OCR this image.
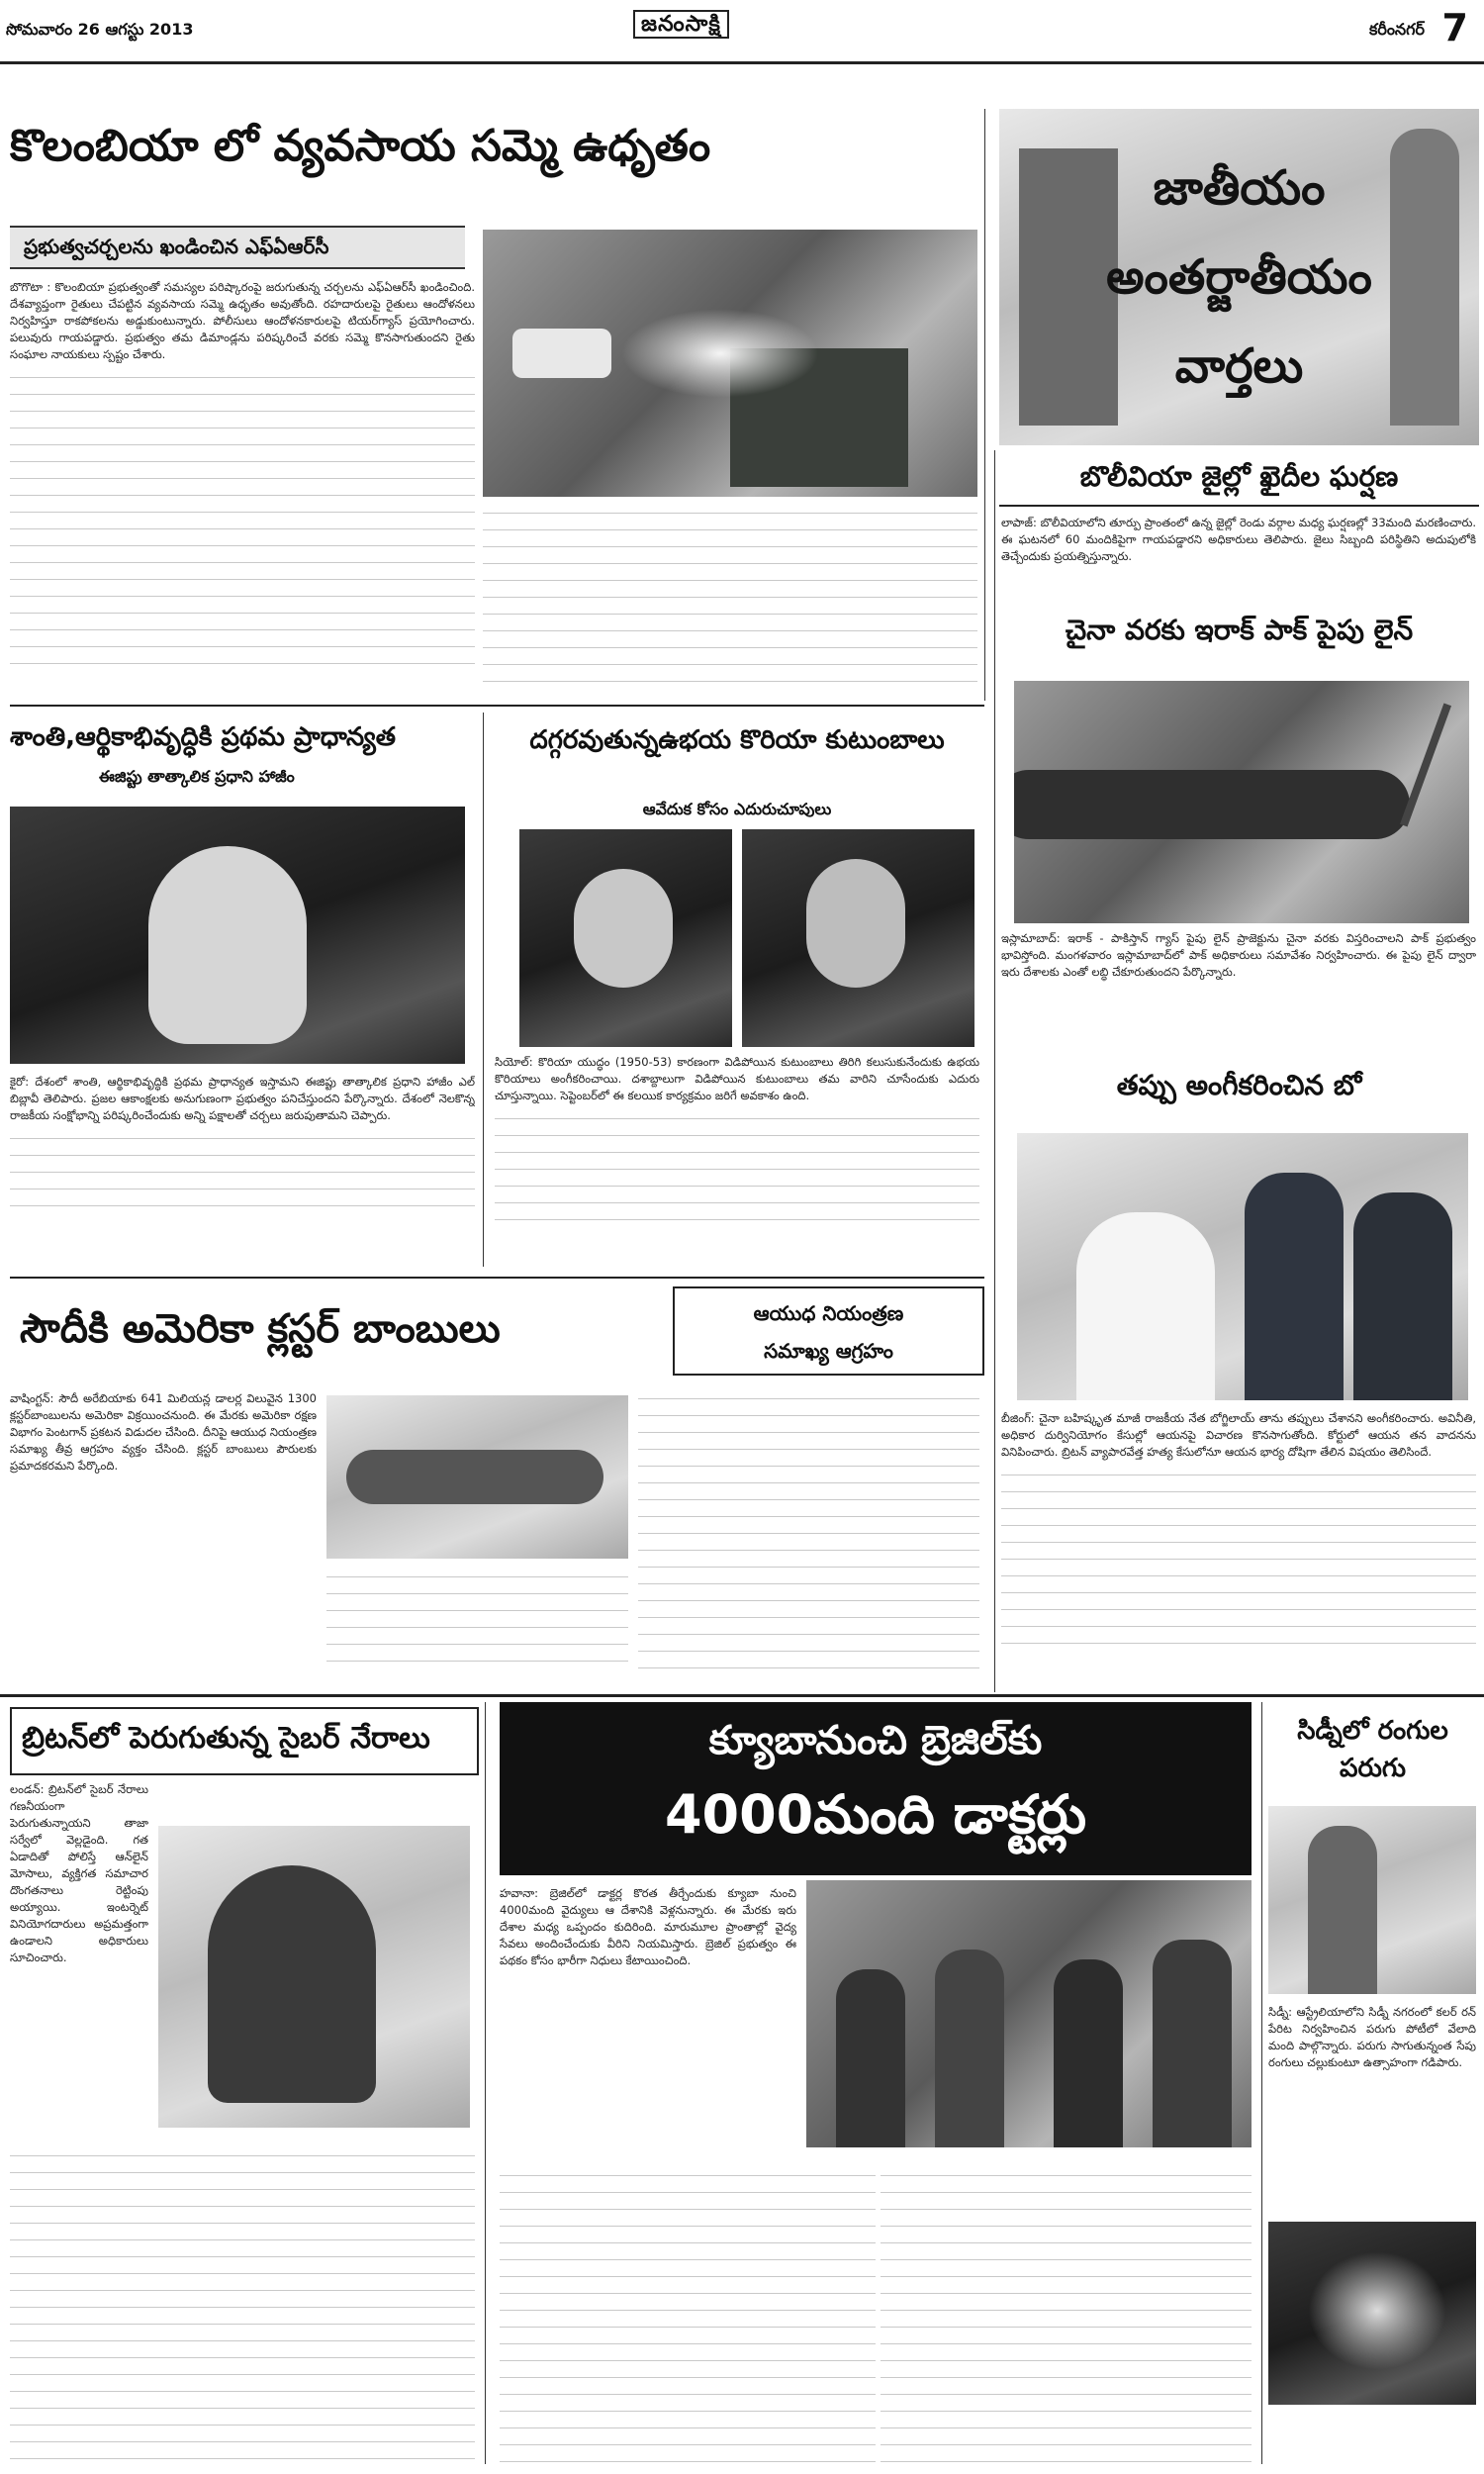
సోమవారం 26 ఆగస్టు 2013	జనంసాక్షి	కరీంనగర్ 7
కొలంబియా లో వ్యవసాయ సమ్మె ఉధృతం
ప్రభుత్వచర్చలను ఖండించిన ఎఫ్‌ఏఆర్‌సీ
బొగొటా : కొలంబియా ప్రభుత్వంతో సమస్యల పరిష్కారంపై జరుగుతున్న చర్చలను ఎఫ్‌ఏఆర్‌సీ ఖండించింది. దేశవ్యాప్తంగా రైతులు చేపట్టిన వ్యవసాయ సమ్మె ఉధృతం అవుతోంది. రహదారులపై రైతులు ఆందోళనలు నిర్వహిస్తూ రాకపోకలను అడ్డుకుంటున్నారు. పోలీసులు ఆందోళనకారులపై టియర్‌గ్యాస్ ప్రయోగించారు. పలువురు గాయపడ్డారు. ప్రభుత్వం తమ డిమాండ్లను పరిష్కరించే వరకు సమ్మె కొనసాగుతుందని రైతు సంఘాల నాయకులు స్పష్టం చేశారు.
జాతీయం
అంతర్జాతీయం
వార్తలు
బొలీవియా జైల్లో ఖైదీల ఘర్షణ
లాపాజ్: బొలీవియాలోని తూర్పు ప్రాంతంలో ఉన్న జైల్లో రెండు వర్గాల మధ్య ఘర్షణల్లో 33మంది మరణించారు. ఈ ఘటనలో 60 మందికిపైగా గాయపడ్డారని అధికారులు తెలిపారు. జైలు సిబ్బంది పరిస్థితిని అదుపులోకి తెచ్చేందుకు ప్రయత్నిస్తున్నారు.
చైనా వరకు ఇరాక్ పాక్ పైపు లైన్
ఇస్లామాబాద్: ఇరాక్ - పాకిస్తాన్ గ్యాస్ పైపు లైన్ ప్రాజెక్టును చైనా వరకు విస్తరించాలని పాక్ ప్రభుత్వం భావిస్తోంది. మంగళవారం ఇస్లామాబాద్‌లో పాక్ అధికారులు సమావేశం నిర్వహించారు. ఈ పైపు లైన్ ద్వారా ఇరు దేశాలకు ఎంతో లబ్ధి చేకూరుతుందని పేర్కొన్నారు.
తప్పు అంగీకరించిన బో
బీజింగ్: చైనా బహిష్కృత మాజీ రాజకీయ నేత బోగ్జిలాయ్ తాను తప్పులు చేశానని అంగీకరించారు. అవినీతి, అధికార దుర్వినియోగం కేసుల్లో ఆయనపై విచారణ కొనసాగుతోంది. కోర్టులో ఆయన తన వాదనను వినిపించారు. బ్రిటన్ వ్యాపారవేత్త హత్య కేసులోనూ ఆయన భార్య దోషిగా తేలిన విషయం తెలిసిందే.
శాంతి,ఆర్థికాభివృద్ధికి ప్రథమ ప్రాధాన్యత
ఈజిప్టు తాత్కాలిక ప్రధాని హాజీం
కైరో: దేశంలో శాంతి, ఆర్థికాభివృద్ధికి ప్రథమ ప్రాధాన్యత ఇస్తామని ఈజిప్టు తాత్కాలిక ప్రధాని హాజీం ఎల్ బిబ్లావీ తెలిపారు. ప్రజల ఆకాంక్షలకు అనుగుణంగా ప్రభుత్వం పనిచేస్తుందని పేర్కొన్నారు. దేశంలో నెలకొన్న రాజకీయ సంక్షోభాన్ని పరిష్కరించేందుకు అన్ని పక్షాలతో చర్చలు జరుపుతామని చెప్పారు.
దగ్గరవుతున్నఉభయ కొరియా కుటుంబాలు
ఆవేదుక కోసం ఎదురుచూపులు
సియోల్: కొరియా యుద్ధం (1950-53) కారణంగా విడిపోయిన కుటుంబాలు తిరిగి కలుసుకునేందుకు ఉభయ కొరియాలు అంగీకరించాయి. దశాబ్దాలుగా విడిపోయిన కుటుంబాలు తమ వారిని చూసేందుకు ఎదురు చూస్తున్నాయి. సెప్టెంబర్‌లో ఈ కలయిక కార్యక్రమం జరిగే అవకాశం ఉంది.
సౌదీకి అమెరికా క్లస్టర్ బాంబులు	ఆయుధ నియంత్రణ
సమాఖ్య ఆగ్రహం
వాషింగ్టన్: సౌదీ అరేబియాకు 641 మిలియన్ల డాలర్ల విలువైన 1300 క్లస్టర్‌బాంబులను అమెరికా విక్రయించనుంది. ఈ మేరకు అమెరికా రక్షణ విభాగం పెంటగాన్ ప్రకటన విడుదల చేసింది. దీనిపై ఆయుధ నియంత్రణ సమాఖ్య తీవ్ర ఆగ్రహం వ్యక్తం చేసింది. క్లస్టర్ బాంబులు పౌరులకు ప్రమాదకరమని పేర్కొంది.
బ్రిటన్‌లో పెరుగుతున్న సైబర్ నేరాలు
లండన్: బ్రిటన్‌లో సైబర్ నేరాలు గణనీయంగా పెరుగుతున్నాయని తాజా సర్వేలో వెల్లడైంది. గత ఏడాదితో పోలిస్తే ఆన్‌లైన్ మోసాలు, వ్యక్తిగత సమాచార దొంగతనాలు రెట్టింపు అయ్యాయి. ఇంటర్నెట్ వినియోగదారులు అప్రమత్తంగా ఉండాలని అధికారులు సూచించారు.
క్యూబానుంచి బ్రెజిల్‌కు
4000మంది డాక్టర్లు
హవానా: బ్రెజిల్‌లో డాక్టర్ల కొరత తీర్చేందుకు క్యూబా నుంచి 4000మంది వైద్యులు ఆ దేశానికి వెళ్లనున్నారు. ఈ మేరకు ఇరు దేశాల మధ్య ఒప్పందం కుదిరింది. మారుమూల ప్రాంతాల్లో వైద్య సేవలు అందించేందుకు వీరిని నియమిస్తారు. బ్రెజిల్ ప్రభుత్వం ఈ పథకం కోసం భారీగా నిధులు కేటాయించింది.
సిడ్నీలో రంగుల
పరుగు
సిడ్నీ: ఆస్ట్రేలియాలోని సిడ్నీ నగరంలో కలర్ రన్ పేరిట నిర్వహించిన పరుగు పోటీలో వేలాది మంది పాల్గొన్నారు. పరుగు సాగుతున్నంత సేపు రంగులు చల్లుకుంటూ ఉత్సాహంగా గడిపారు.
